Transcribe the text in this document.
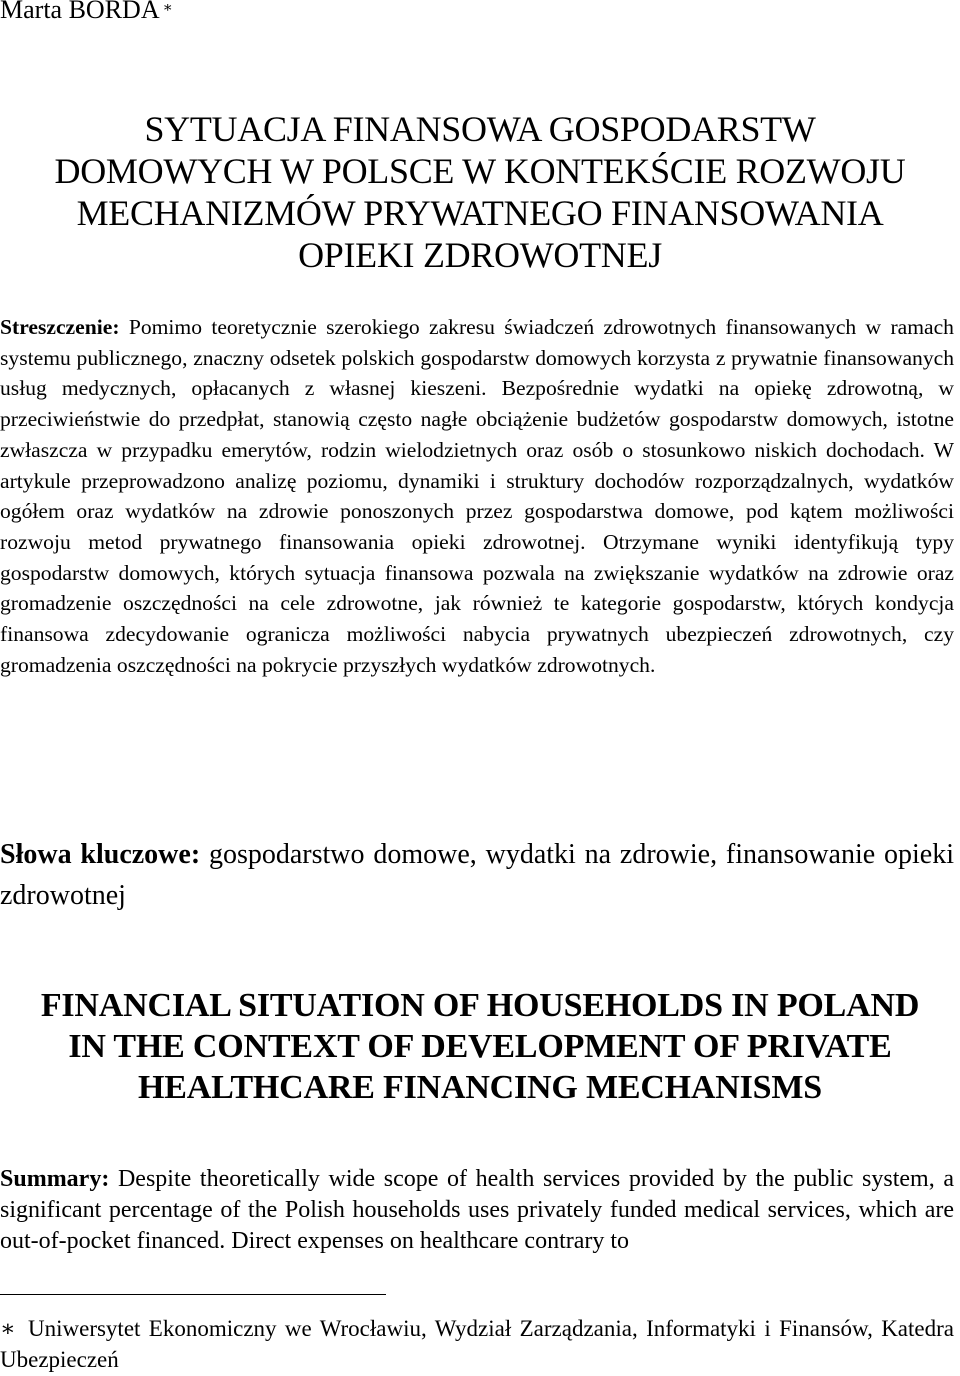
Marta BORDA ∗
SYTUACJA FINANSOWA GOSPODARSTW
DOMOWYCH W POLSCE W KONTEKŚCIE ROZWOJU
MECHANIZMÓW PRYWATNEGO FINANSOWANIA
OPIEKI ZDROWOTNEJ
Streszczenie: Pomimo teoretycznie szerokiego zakresu świadczeń zdrowotnych finansowanych w ramach systemu publicznego, znaczny odsetek polskich gospodarstw domowych korzysta z prywatnie finansowanych usług medycznych, opłacanych z własnej kieszeni. Bezpośrednie wydatki na opiekę zdrowotną, w przeciwieństwie do przedpłat, stanowią często nagłe obciążenie budżetów gospodarstw domowych, istotne zwłaszcza w przypadku emerytów, rodzin wielodzietnych oraz osób o stosunkowo niskich dochodach. W artykule przeprowadzono analizę poziomu, dynamiki i struktury dochodów rozporządzalnych, wydatków ogółem oraz wydatków na zdrowie ponoszonych przez gospodarstwa domowe, pod kątem możliwości rozwoju metod prywatnego finansowania opieki zdrowotnej. Otrzymane wyniki identyfikują typy gospodarstw domowych, których sytuacja finansowa pozwala na zwiększanie wydatków na zdrowie oraz gromadzenie oszczędności na cele zdrowotne, jak również te kategorie gospodarstw, których kondycja finansowa zdecydowanie ogranicza możliwości nabycia prywatnych ubezpieczeń zdrowotnych, czy gromadzenia oszczędności na pokrycie przyszłych wydatków zdrowotnych.
Słowa kluczowe: gospodarstwo domowe, wydatki na zdrowie, finansowanie opieki zdrowotnej
FINANCIAL SITUATION OF HOUSEHOLDS IN POLAND
IN THE CONTEXT OF DEVELOPMENT OF PRIVATE
HEALTHCARE FINANCING MECHANISMS
Summary: Despite theoretically wide scope of health services provided by the public system, a significant percentage of the Polish households uses privately funded medical services, which are out-of-pocket financed. Direct expenses on healthcare contrary to
∗ Uniwersytet Ekonomiczny we Wrocławiu, Wydział Zarządzania, Informatyki i Finansów, Katedra Ubezpieczeń
